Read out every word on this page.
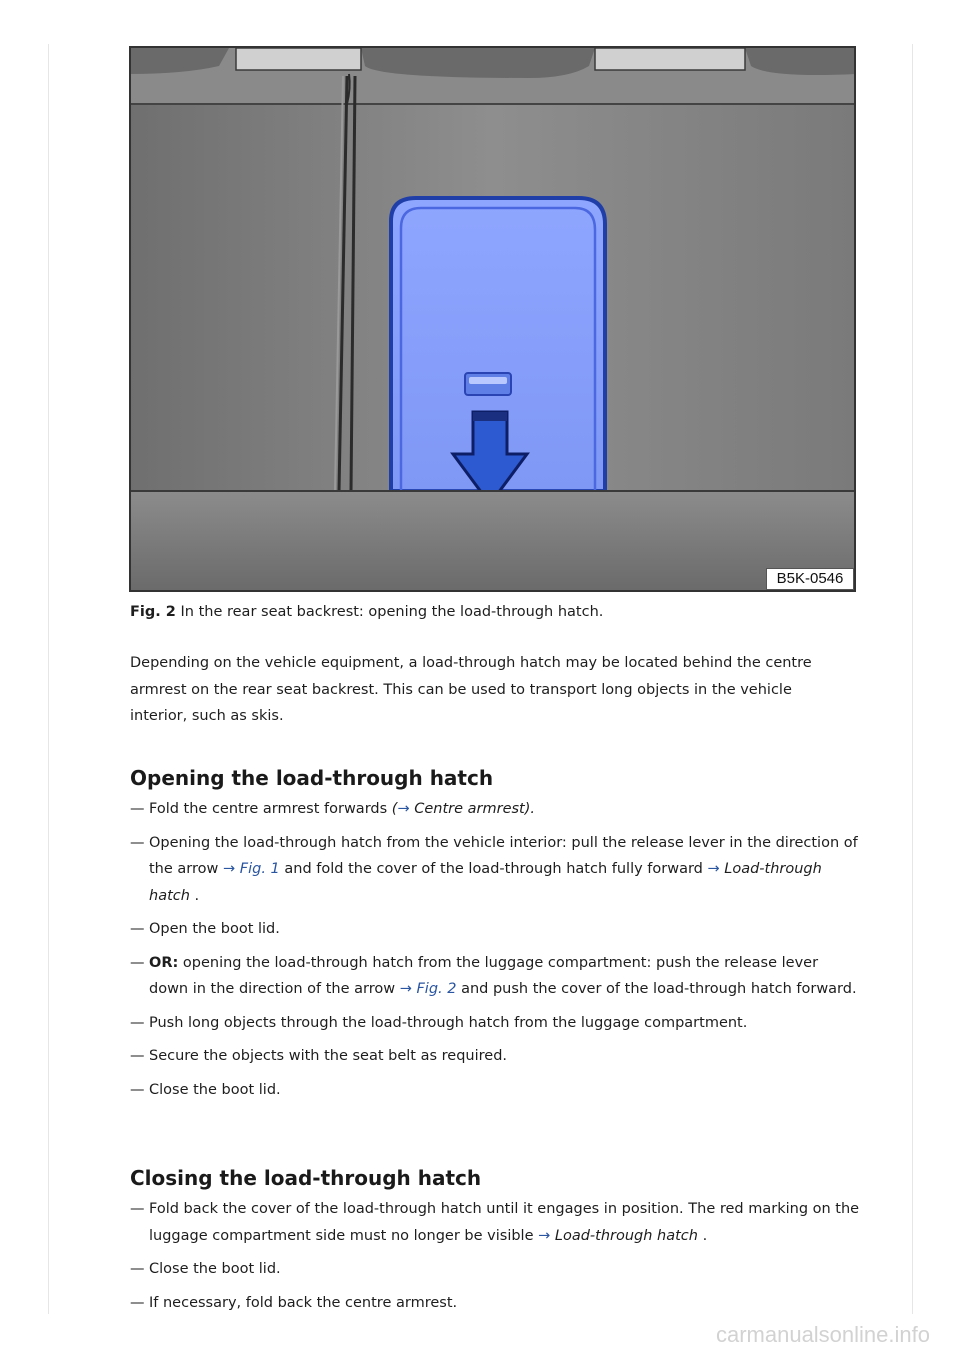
B5K-0546

Fig. 2 In the rear seat backrest: opening the load-through hatch.

Depending on the vehicle equipment, a load-through hatch may be located behind the centre armrest on the rear seat backrest. This can be used to transport long objects in the vehicle interior, such as skis.

Opening the load-through hatch
— Fold the centre armrest forwards (→ Centre armrest).
— Opening the load-through hatch from the vehicle interior: pull the release lever in the direction of the arrow → Fig. 1 and fold the cover of the load-through hatch fully forward → Load-through hatch .
— Open the boot lid.
— OR: opening the load-through hatch from the luggage compartment: push the release lever down in the direction of the arrow → Fig. 2 and push the cover of the load-through hatch forward.
— Push long objects through the load-through hatch from the luggage compartment.
— Secure the objects with the seat belt as required.
— Close the boot lid.
Closing the load-through hatch
— Fold back the cover of the load-through hatch until it engages in position. The red marking on the luggage compartment side must no longer be visible → Load-through hatch .
— Close the boot lid.
— If necessary, fold back the centre armrest.
carmanualsonline.info
